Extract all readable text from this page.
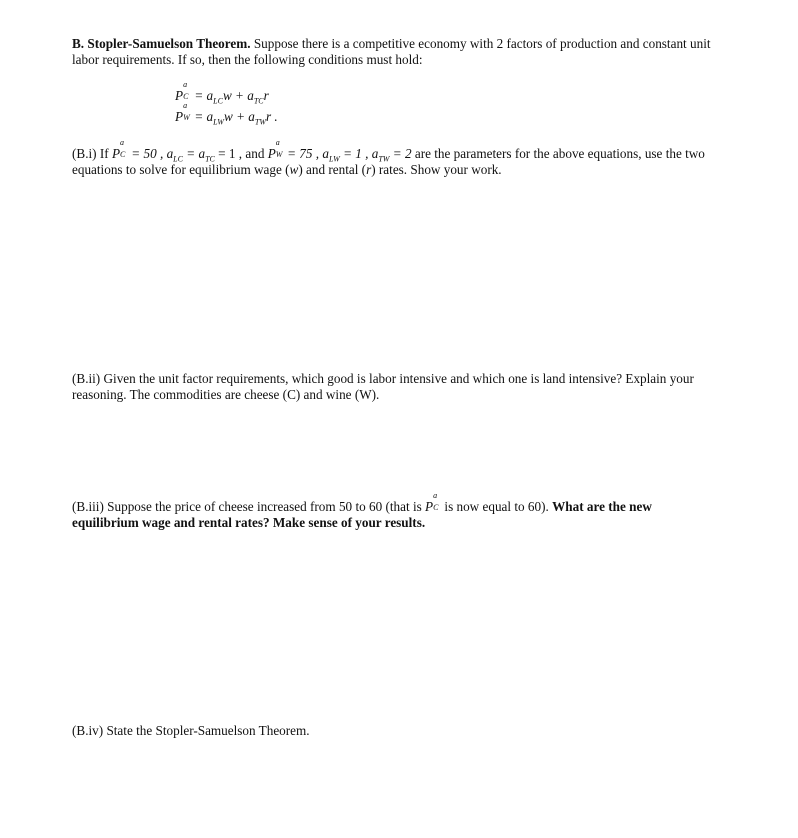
B. Stopler-Samuelson Theorem. Suppose there is a competitive economy with 2 factors of production and constant unit labor requirements. If so, then the following conditions must hold:
P
a
$C = a_{LC}w + a_{TC}r$
P
a
$W = a_{LW}w + a_{TW}r$ .
(B.i) If P
a
C = 50 , $a_{LC} = a_{TC} = 1$ , and P
a
W = 75 , $a_{LW} = 1$ , $a_{TW} = 2$ are the parameters for the above equations, use the two equations to solve for equilibrium wage (w) and rental (r) rates. Show your work.
(B.ii) Given the unit factor requirements, which good is labor intensive and which one is land intensive? Explain your reasoning. The commodities are cheese (C) and wine (W).
(B.iii) Suppose the price of cheese increased from 50 to 60 (that is P
a
C is now equal to 60). What are the new equilibrium wage and rental rates? Make sense of your results.
(B.iv) State the Stopler-Samuelson Theorem.
